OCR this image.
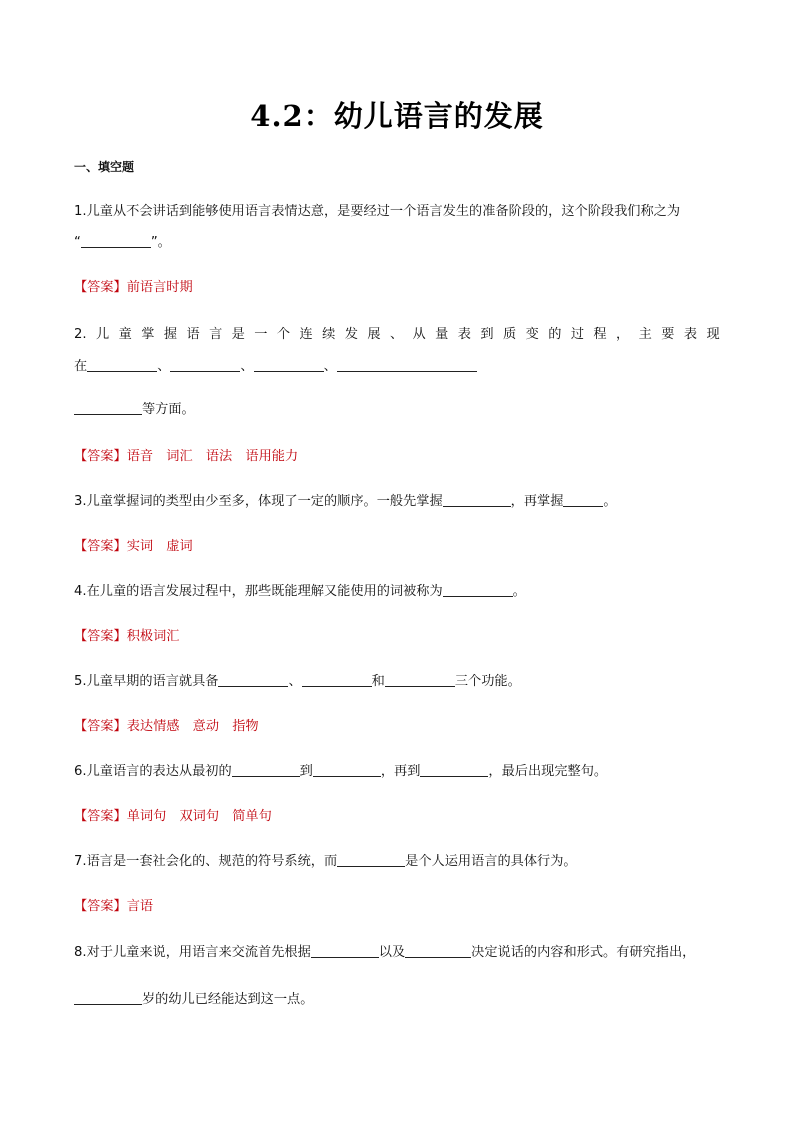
4.2：幼儿语言的发展
一、填空题
1.儿童从不会讲话到能够使用语言表情达意，是要经过一个语言发生的准备阶段的，这个阶段我们称之为
“	”。
【答案】前语言时期
2. 儿 童 掌 握 语 言 是 一 个 连 续 发 展 、 从 量 表 到 质 变 的 过 程 ， 主 要 表 现
在	、	、	、
等方面。
【答案】语音　词汇　语法　语用能力
3.儿童掌握词的类型由少至多，体现了一定的顺序。一般先掌握	，再掌握	。
【答案】实词　虚词
4.在儿童的语言发展过程中，那些既能理解又能使用的词被称为	。
【答案】积极词汇
5.儿童早期的语言就具备	、	和	三个功能。
【答案】表达情感　意动　指物
6.儿童语言的表达从最初的	到	，再到	，最后出现完整句。
【答案】单词句　双词句　简单句
7.语言是一套社会化的、规范的符号系统，而	是个人运用语言的具体行为。
【答案】言语
8.对于儿童来说，用语言来交流首先根据	以及	决定说话的内容和形式。有研究指出，
岁的幼儿已经能达到这一点。
